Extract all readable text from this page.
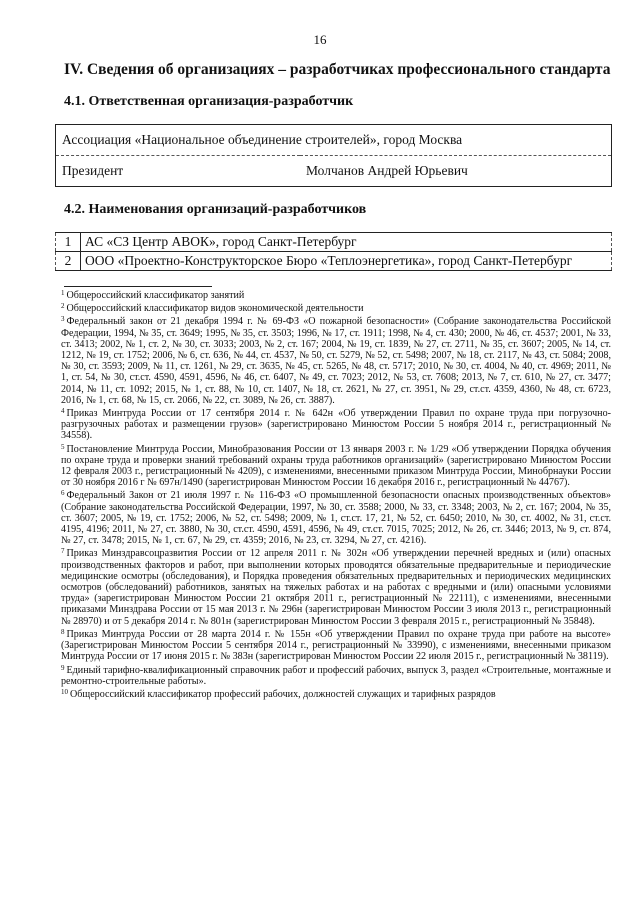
16
IV. Сведения об организациях – разработчиках профессионального стандарта
4.1. Ответственная организация-разработчик
Ассоциация «Национальное объединение строителей», город Москва
Президент	Молчанов Андрей Юрьевич
4.2. Наименования организаций-разработчиков
1	АС «СЗ Центр АВОК», город Санкт-Петербург
2	ООО «Проектно-Конструкторское Бюро «Теплоэнергетика», город Санкт-Петербург

$^1$ Общероссийский классификатор занятий

$^2$ Общероссийский классификатор видов экономической деятельности

$^3$ Федеральный закон от 21 декабря 1994 г. № 69-ФЗ «О пожарной безопасности» (Собрание законодательства Российской Федерации, 1994, № 35, ст. 3649; 1995, № 35, ст. 3503; 1996, № 17, ст. 1911; 1998, № 4, ст. 430; 2000, № 46, ст. 4537; 2001, № 33, ст. 3413; 2002, № 1, ст. 2, № 30, ст. 3033; 2003, № 2, ст. 167; 2004, № 19, ст. 1839, № 27, ст. 2711, № 35, ст. 3607; 2005, № 14, ст. 1212, № 19, ст. 1752; 2006, № 6, ст. 636, № 44, ст. 4537, № 50, ст. 5279, № 52, ст. 5498; 2007, № 18, ст. 2117, № 43, ст. 5084; 2008, № 30, ст. 3593; 2009, № 11, ст. 1261, № 29, ст. 3635, № 45, ст. 5265, № 48, ст. 5717; 2010, № 30, ст. 4004, № 40, ст. 4969; 2011, № 1, ст. 54, № 30, ст.ст. 4590, 4591, 4596, № 46, ст. 6407, № 49, ст. 7023; 2012, № 53, ст. 7608; 2013, № 7, ст. 610, № 27, ст. 3477; 2014, № 11, ст. 1092; 2015, № 1, ст. 88, № 10, ст. 1407, № 18, ст. 2621, № 27, ст. 3951, № 29, ст.ст. 4359, 4360, № 48, ст. 6723, 2016, № 1, ст. 68, № 15, ст. 2066, № 22, ст. 3089, № 26, ст. 3887).

$^4$ Приказ Минтруда России от 17 сентября 2014 г. № 642н «Об утверждении Правил по охране труда при погрузочно-разгрузочных работах и размещении грузов» (зарегистрировано Минюстом России 5 ноября 2014 г., регистрационный № 34558).

$^5$ Постановление Минтруда России, Минобразования России от 13 января 2003 г. № 1/29 «Об утверждении Порядка обучения по охране труда и проверки знаний требований охраны труда работников организаций» (зарегистрировано Минюстом России 12 февраля 2003 г., регистрационный № 4209), с изменениями, внесенными приказом Минтруда России, Минобрнауки России от 30 ноября 2016 г № 697н/1490 (зарегистрирован Минюстом России 16 декабря 2016 г., регистрационный № 44767).

$^6$ Федеральный Закон от 21 июля 1997 г. № 116-ФЗ «О промышленной безопасности опасных производственных объектов» (Собрание законодательства Российской Федерации, 1997, № 30, ст. 3588; 2000, № 33, ст. 3348; 2003, № 2, ст. 167; 2004, № 35, ст. 3607; 2005, № 19, ст. 1752; 2006, № 52, ст. 5498; 2009, № 1, ст.ст. 17, 21, № 52, ст. 6450; 2010, № 30, ст. 4002, № 31, ст.ст. 4195, 4196; 2011, № 27, ст. 3880, № 30, ст.ст. 4590, 4591, 4596, № 49, ст.ст. 7015, 7025; 2012, № 26, ст. 3446; 2013, № 9, ст. 874, № 27, ст. 3478; 2015, № 1, ст. 67, № 29, ст. 4359; 2016, № 23, ст. 3294, № 27, ст. 4216).

$^7$ Приказ Минздравсоцразвития России от 12 апреля 2011 г. № 302н «Об утверждении перечней вредных и (или) опасных производственных факторов и работ, при выполнении которых проводятся обязательные предварительные и периодические медицинские осмотры (обследования), и Порядка проведения обязательных предварительных и периодических медицинских осмотров (обследований) работников, занятых на тяжелых работах и на работах с вредными и (или) опасными условиями труда» (зарегистрирован Минюстом России 21 октября 2011 г., регистрационный № 22111), с изменениями, внесенными приказами Минздрава России от 15 мая 2013 г. № 296н (зарегистрирован Минюстом России 3 июля 2013 г., регистрационный № 28970) и от 5 декабря 2014 г. № 801н (зарегистрирован Минюстом России 3 февраля 2015 г., регистрационный № 35848).

$^8$ Приказ Минтруда России от 28 марта 2014 г. № 155н «Об утверждении Правил по охране труда при работе на высоте» (Зарегистрирован Минюстом России 5 сентября 2014 г., регистрационный № 33990), с изменениями, внесенными приказом Минтруда России от 17 июня 2015 г. № 383н (зарегистрирован Минюстом России 22 июля 2015 г., регистрационный № 38119).

$^9$ Единый тарифно-квалификационный справочник работ и профессий рабочих, выпуск 3, раздел «Строительные, монтажные и ремонтно-строительные работы».

$^{10}$ Общероссийский классификатор профессий рабочих, должностей служащих и тарифных разрядов
